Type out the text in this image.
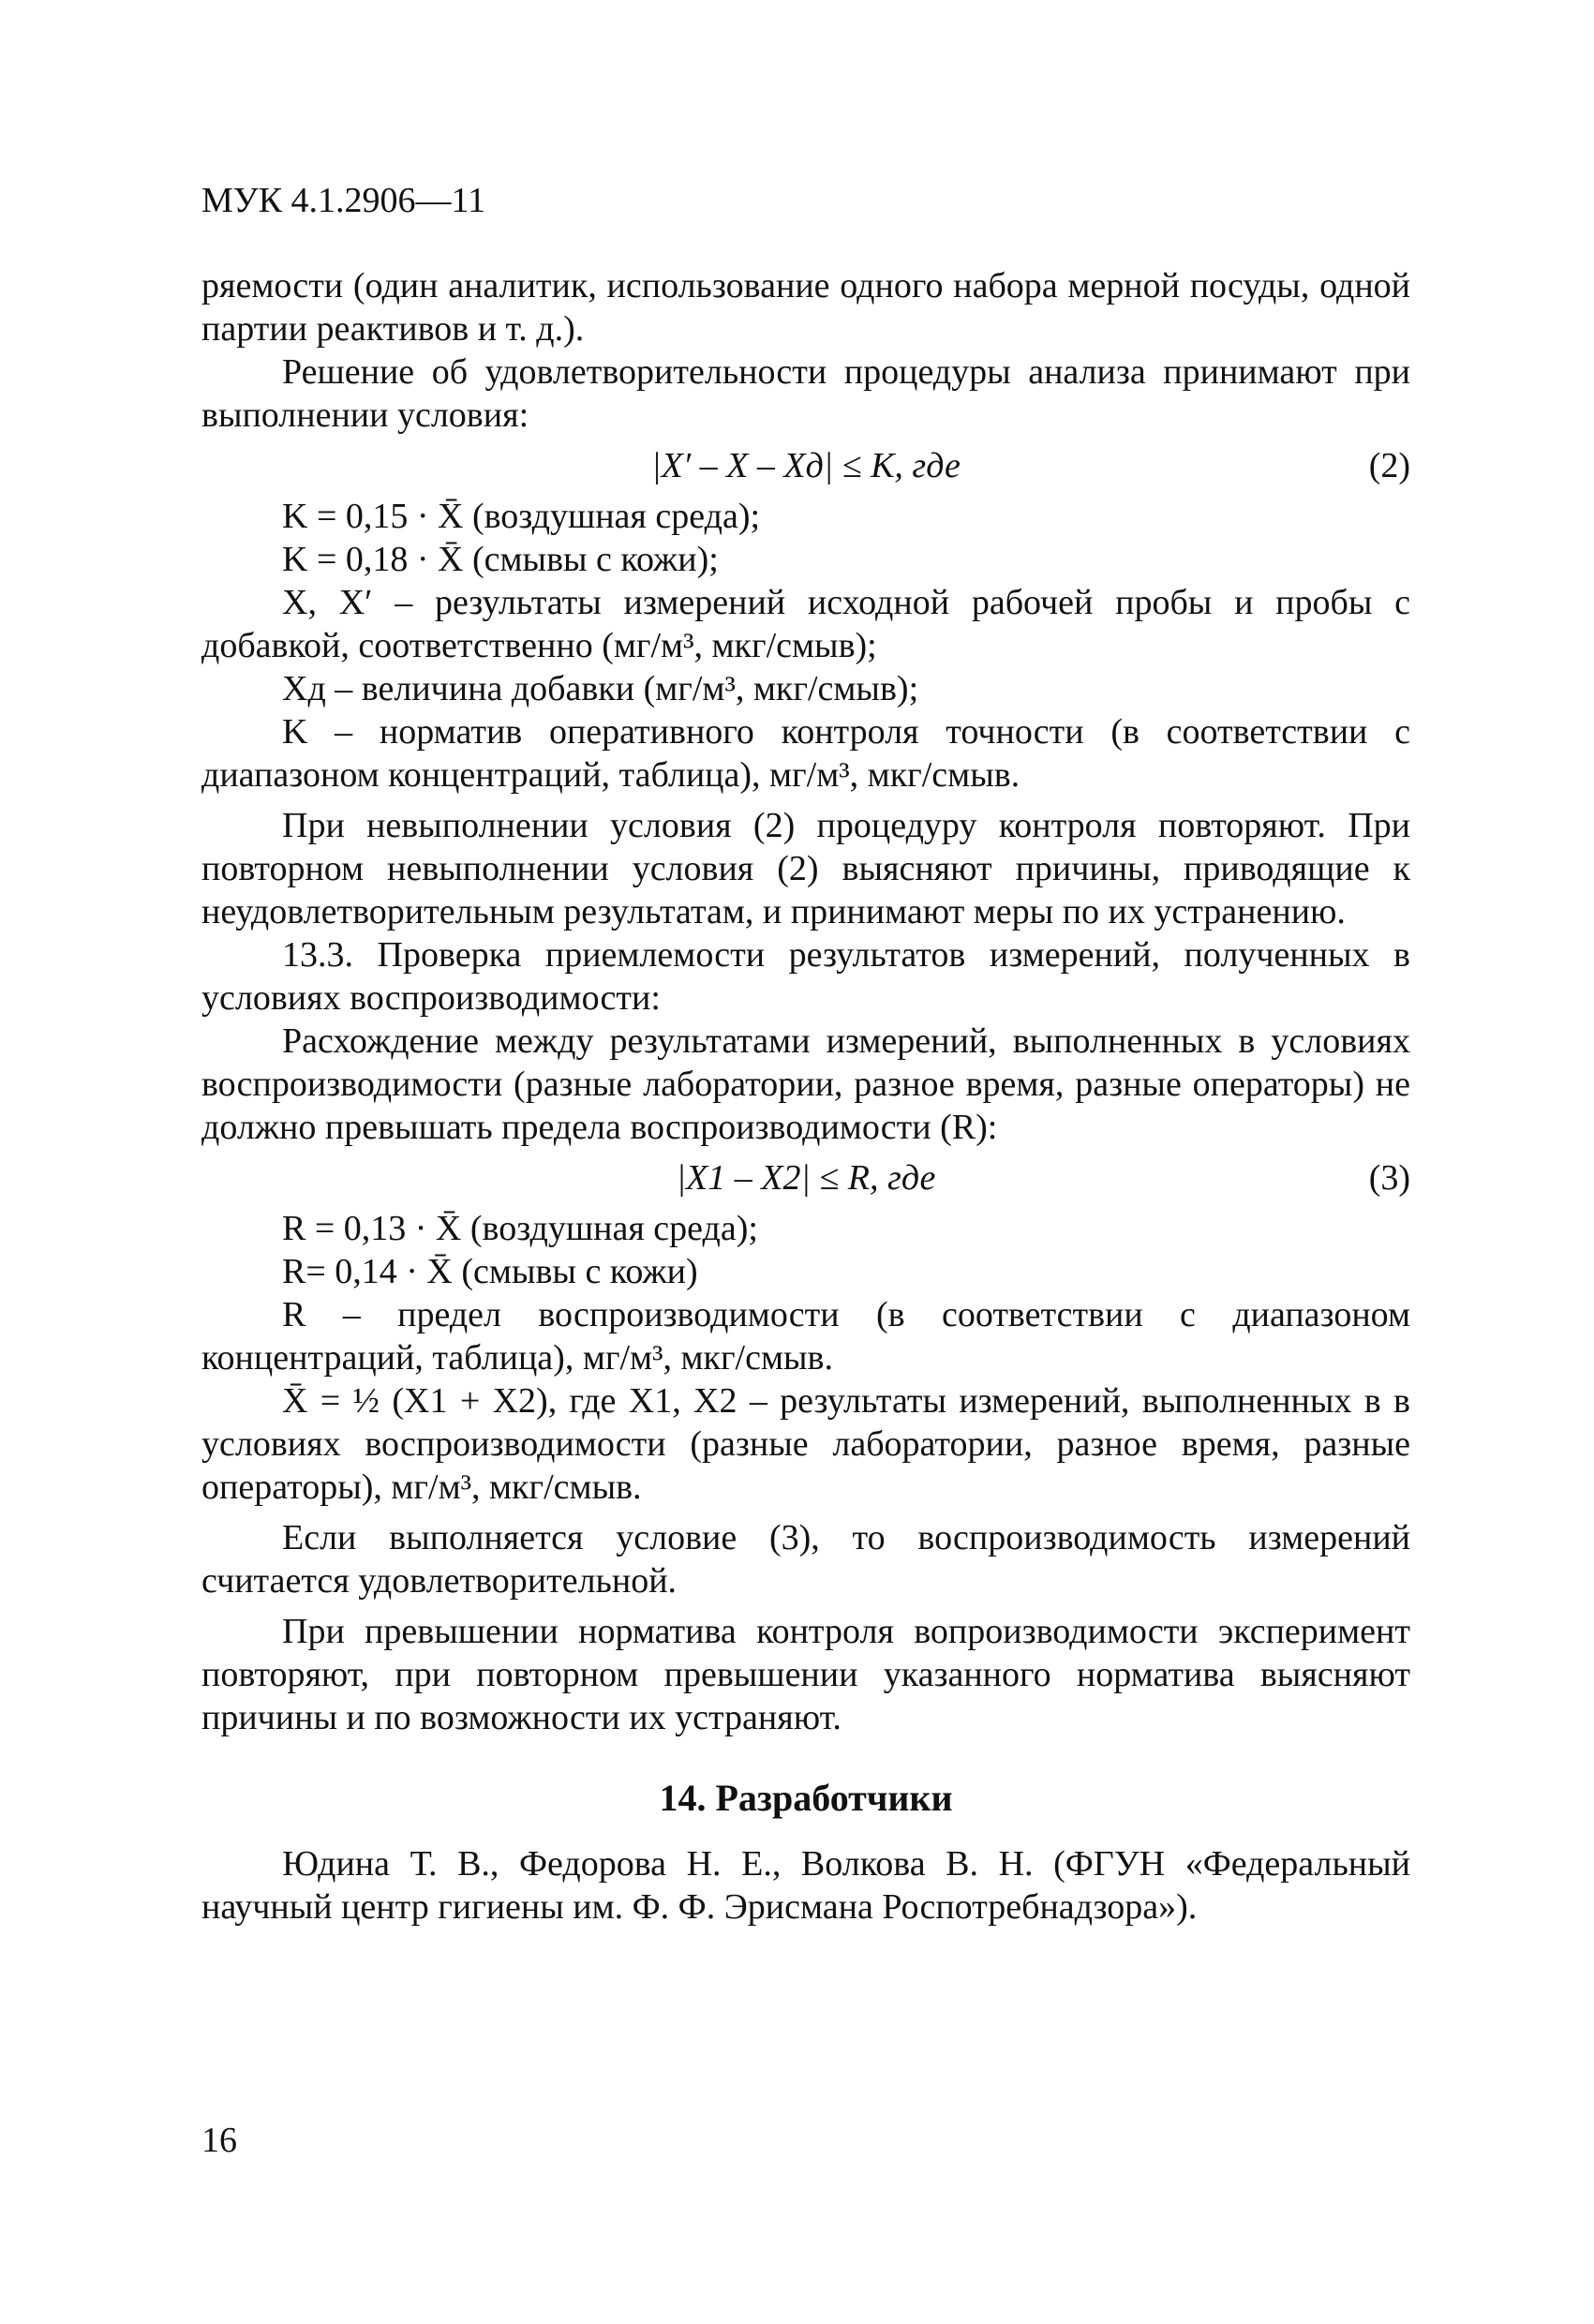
МУК 4.1.2906—11

ряемости (один аналитик, использование одного набора мерной посуды, одной партии реактивов и т. д.).

Решение об удовлетворительности процедуры анализа принимают при выполнении условия:

|X′ – X – Xд| ≤ K, где	(2)

K = 0,15 · X̄ (воздушная среда);

K = 0,18 · X̄ (смывы с кожи);

X, X′ – результаты измерений исходной рабочей пробы и пробы с добавкой, соответственно (мг/м³, мкг/смыв);

Xд – величина добавки (мг/м³, мкг/смыв);

K – норматив оперативного контроля точности (в соответствии с диапазоном концентраций, таблица), мг/м³, мкг/смыв.

При невыполнении условия (2) процедуру контроля повторяют. При повторном невыполнении условия (2) выясняют причины, приводящие к неудовлетворительным результатам, и принимают меры по их устранению.

13.3. Проверка приемлемости результатов измерений, полученных в условиях воспроизводимости:

Расхождение между результатами измерений, выполненных в условиях воспроизводимости (разные лаборатории, разное время, разные операторы) не должно превышать предела воспроизводимости (R):

|X1 – X2| ≤ R, где	(3)

R = 0,13 · X̄ (воздушная среда);

R= 0,14 · X̄ (смывы с кожи)

R – предел воспроизводимости (в соответствии с диапазоном концентраций, таблица), мг/м³, мкг/смыв.

X̄ = ½ (X1 + X2), где X1, X2 – результаты измерений, выполненных в в условиях воспроизводимости (разные лаборатории, разное время, разные операторы), мг/м³, мкг/смыв.

Если выполняется условие (3), то воспроизводимость измерений считается удовлетворительной.

При превышении норматива контроля вопроизводимости эксперимент повторяют, при повторном превышении указанного норматива выясняют причины и по возможности их устраняют.

14. Разработчики

Юдина Т. В., Федорова Н. Е., Волкова В. Н. (ФГУН «Федеральный научный центр гигиены им. Ф. Ф. Эрисмана Роспотребнадзора»).

16
